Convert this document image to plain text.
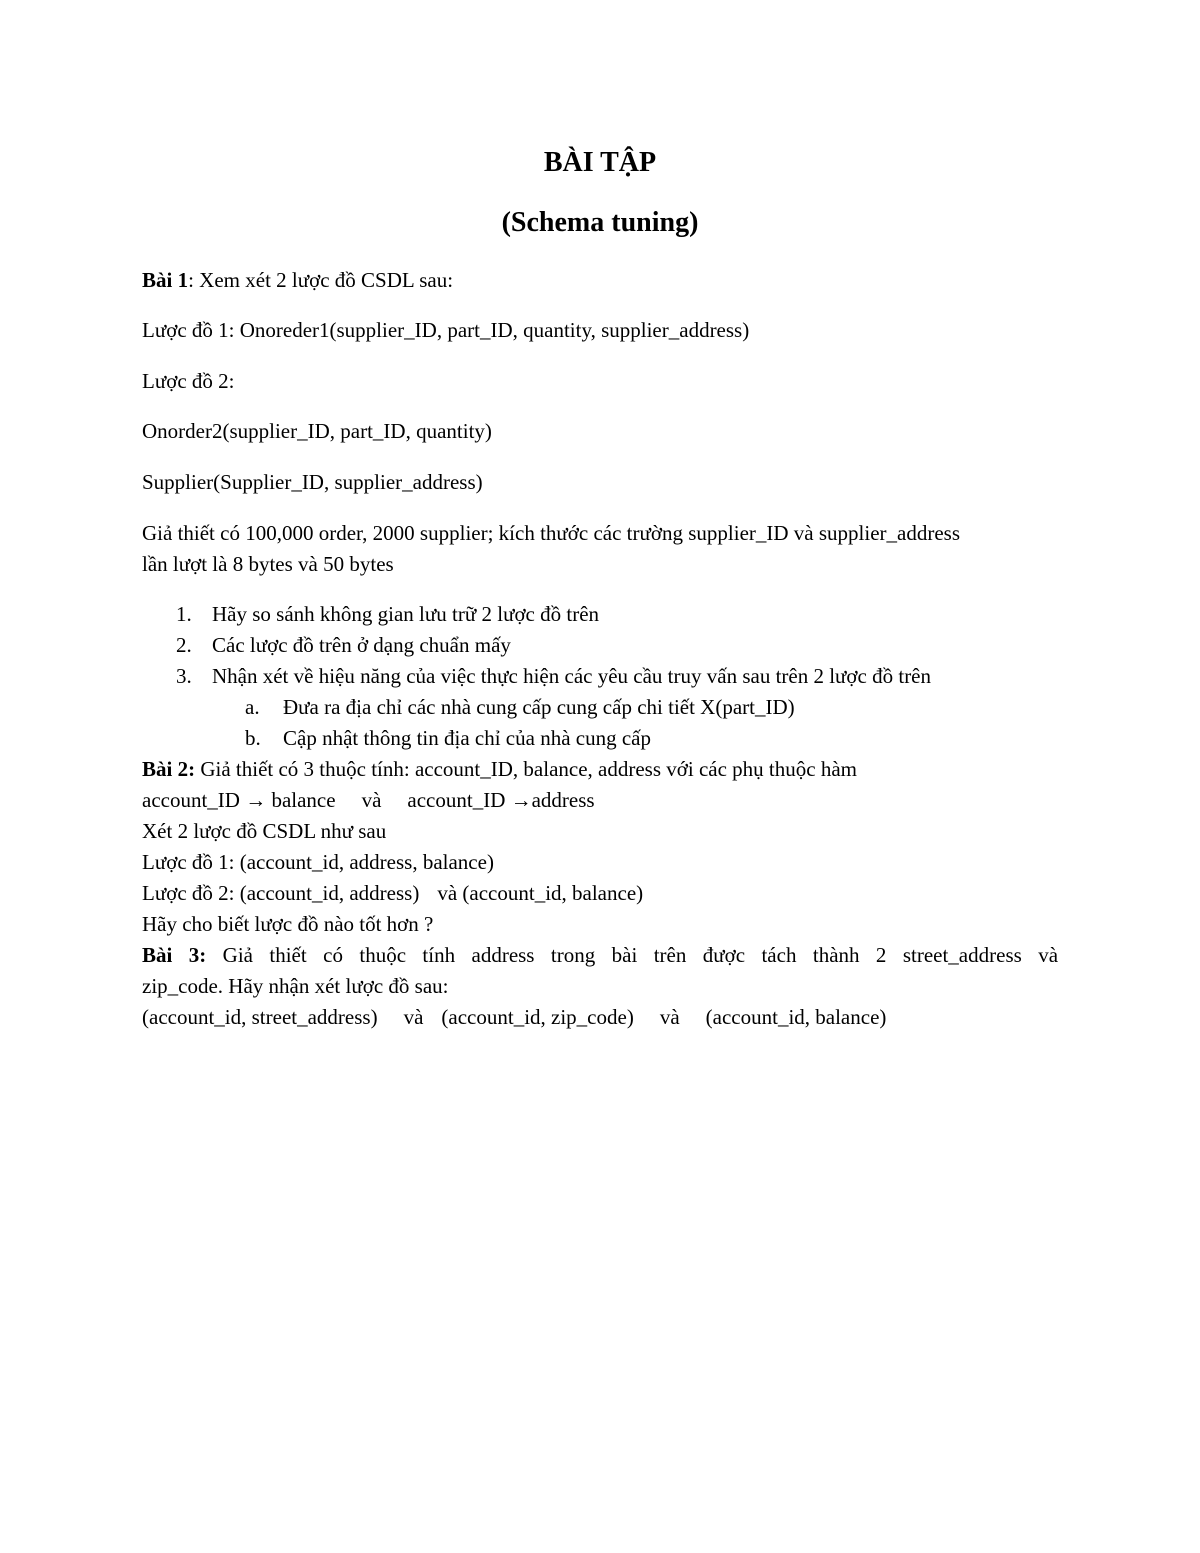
BÀI TẬP
(Schema tuning)

Bài 1: Xem xét 2 lược đồ CSDL sau:

Lược đồ 1: Onoreder1(supplier_ID, part_ID, quantity, supplier_address)

Lược đồ 2:

Onorder2(supplier_ID, part_ID, quantity)

Supplier(Supplier_ID, supplier_address)

Giả thiết có 100,000 order, 2000 supplier; kích thước các trường supplier_ID và supplier_address

lần lượt là 8 bytes và 50 bytes

1. Hãy so sánh không gian lưu trữ 2 lược đồ trên

2. Các lược đồ trên ở dạng chuẩn mấy

3. Nhận xét về hiệu năng của việc thực hiện các yêu cầu truy vấn sau trên 2 lược đồ trên

a. Đưa ra địa chỉ các nhà cung cấp cung cấp chi tiết X(part_ID)

b. Cập nhật thông tin địa chỉ của nhà cung cấp

Bài 2: Giả thiết có 3 thuộc tính: account_ID, balance, address với các phụ thuộc hàm

account_ID → balance và account_ID →address

Xét 2 lược đồ CSDL như sau

Lược đồ 1: (account_id, address, balance)

Lược đồ 2: (account_id, address) và (account_id, balance)

Hãy cho biết lược đồ nào tốt hơn ?

Bài 3: Giả thiết có thuộc tính address trong bài trên được tách thành 2 street_address và

zip_code. Hãy nhận xét lược đồ sau:

(account_id, street_address) và (account_id, zip_code) và (account_id, balance)
